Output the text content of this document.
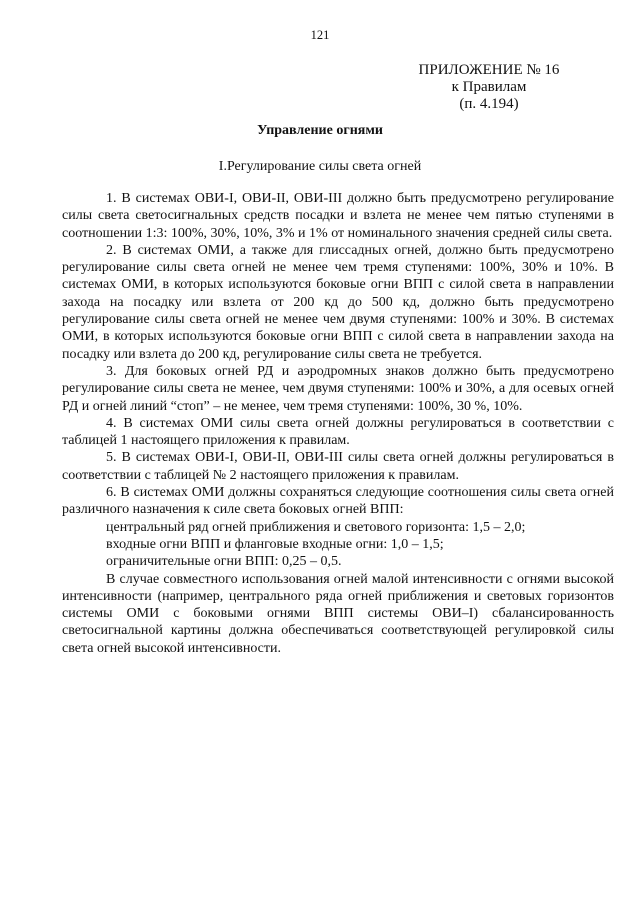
121
ПРИЛОЖЕНИЕ № 16
к Правилам
(п. 4.194)
Управление огнями
I.Регулирование силы света огней

1. В системах ОВИ-I, ОВИ-II, ОВИ-III должно быть предусмотрено регулирование силы света светосигнальных средств посадки и взлета не менее чем пятью ступенями в соотношении 1:3: 100%, 30%, 10%, 3% и 1% от номинального значения средней силы света.

2. В системах ОМИ, а также для глиссадных огней, должно быть предусмотрено регулирование силы света огней не менее чем тремя ступенями: 100%, 30% и 10%. В системах ОМИ, в которых используются боковые огни ВПП с силой света в направлении захода на посадку или взлета от 200 кд до 500 кд, должно быть предусмотрено регулирование силы света огней не менее чем двумя ступенями: 100% и 30%. В системах ОМИ, в которых используются боковые огни ВПП с силой света в направлении захода на посадку или взлета до 200 кд, регулирование силы света не требуется.

3. Для боковых огней РД и аэродромных знаков должно быть предусмотрено регулирование силы света не менее, чем двумя ступенями: 100% и 30%, а для осевых огней РД и огней линий “стоп” – не менее, чем тремя ступенями: 100%, 30 %, 10%.

4. В системах ОМИ силы света огней должны регулироваться в соответствии с таблицей 1 настоящего приложения к правилам.

5. В системах ОВИ-I, ОВИ-II, ОВИ-III силы света огней должны регулироваться в соответствии с таблицей № 2 настоящего приложения к правилам.

6. В системах ОМИ должны сохраняться следующие соотношения силы света огней различного назначения к силе света боковых огней ВПП:

центральный ряд огней приближения и светового горизонта: 1,5 – 2,0;

входные огни ВПП и фланговые входные огни: 1,0 – 1,5;

ограничительные огни ВПП: 0,25 – 0,5.

В случае совместного использования огней малой интенсивности с огнями высокой интенсивности (например, центрального ряда огней приближения и световых горизонтов системы ОМИ с боковыми огнями ВПП системы ОВИ–I) сбалансированность светосигнальной картины должна обеспечиваться соответствующей регулировкой силы света огней высокой интенсивности.
